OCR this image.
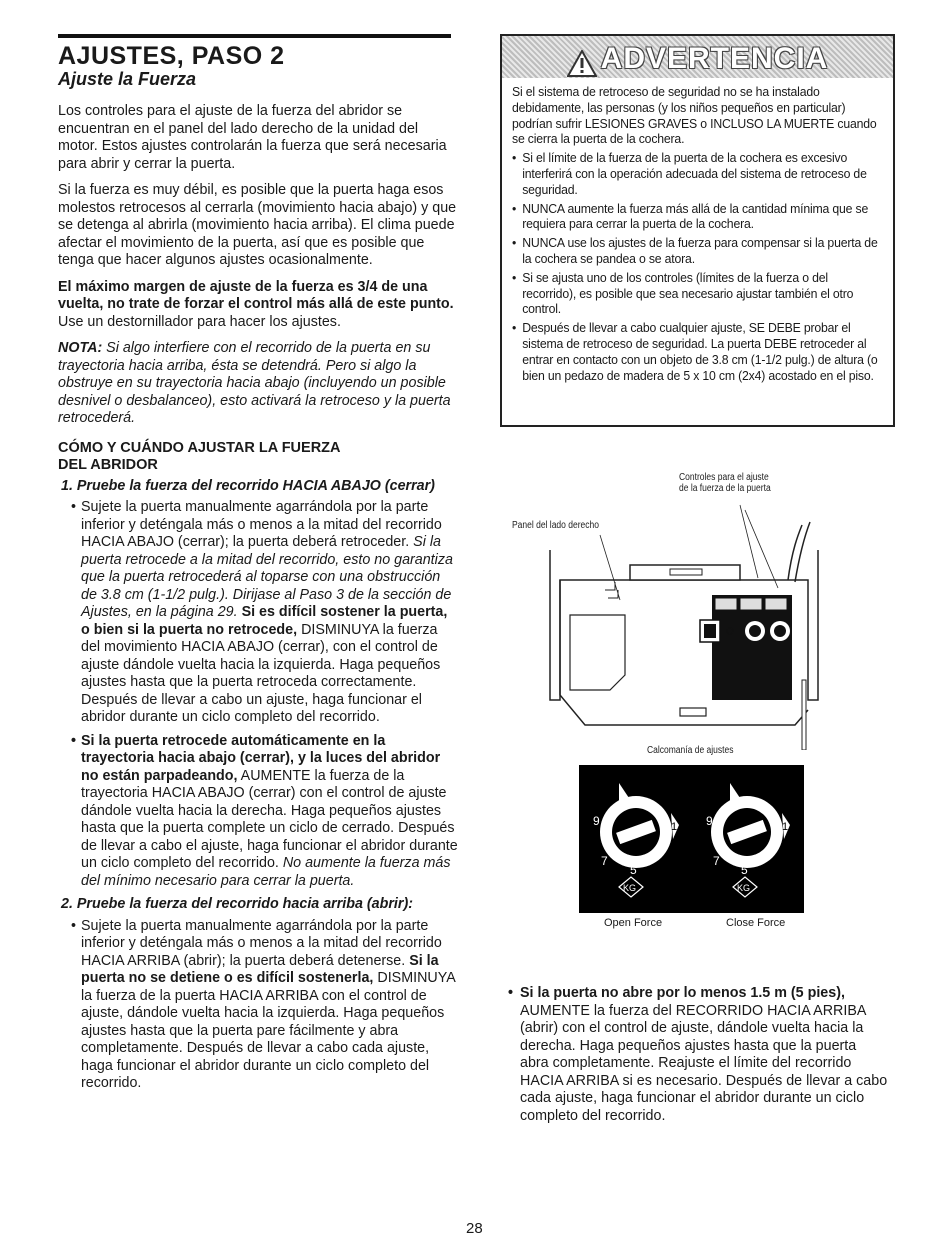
AJUSTES, PASO 2
Ajuste la Fuerza

Los controles para el ajuste de la fuerza del abridor se encuentran en el panel del lado derecho de la unidad del motor. Estos ajustes controlarán la fuerza que será necesaria para abrir y cerrar la puerta.

Si la fuerza es muy débil, es posible que la puerta haga esos molestos retrocesos al cerrarla (movimiento hacia abajo) y que se detenga al abrirla (movimiento hacia arriba). El clima puede afectar el movimiento de la puerta, así que es posible que tenga que hacer algunos ajustes ocasionalmente.

El máximo margen de ajuste de la fuerza es 3/4 de una vuelta, no trate de forzar el control más allá de este punto. Use un destornillador para hacer los ajustes.

NOTA: Si algo interfiere con el recorrido de la puerta en su trayectoria hacia arriba, ésta se detendrá. Pero si algo la obstruye en su trayectoria hacia abajo (incluyendo un posible desnivel o desbalanceo), esto activará la retroceso y la puerta retrocederá.

CÓMO Y CUÁNDO AJUSTAR LA FUERZA
DEL ABRIDOR
1. Pruebe la fuerza del recorrido HACIA ABAJO (cerrar)
• Sujete la puerta manualmente agarrándola por la parte inferior y deténgala más o menos a la mitad del recorrido HACIA ABAJO (cerrar); la puerta deberá retroceder. Si la puerta retrocede a la mitad del recorrido, esto no garantiza que la puerta retrocederá al toparse con una obstrucción de 3.8 cm (1-1/2 pulg.). Dirijase al Paso 3 de la sección de Ajustes, en la página 29. Si es difícil sostener la puerta, o bien si la puerta no retrocede, DISMINUYA la fuerza del movimiento HACIA ABAJO (cerrar), con el control de ajuste dándole vuelta hacia la izquierda. Haga pequeños ajustes hasta que la puerta retroceda correctamente. Después de llevar a cabo un ajuste, haga funcionar el abridor durante un ciclo completo del recorrido.
• Si la puerta retrocede automáticamente en la trayectoria hacia abajo (cerrar), y la luces del abridor no están parpadeando, AUMENTE la fuerza de la trayectoria HACIA ABAJO (cerrar) con el control de ajuste dándole vuelta hacia la derecha. Haga pequeños ajustes hasta que la puerta complete un ciclo de cerrado. Después de llevar a cabo el ajuste, haga funcionar el abridor durante un ciclo completo del recorrido. No aumente la fuerza más del mínimo necesario para cerrar la puerta.
2. Pruebe la fuerza del recorrido hacia arriba (abrir):
• Sujete la puerta manualmente agarrándola por la parte inferior y deténgala más o menos a la mitad del recorrido HACIA ARRIBA (abrir); la puerta deberá detenerse. Si la puerta no se detiene o es difícil sostenerla, DISMINUYA la fuerza de la puerta HACIA ARRIBA con el control de ajuste, dándole vuelta hacia la izquierda. Haga pequeños ajustes hasta que la puerta pare fácilmente y abra completamente. Después de llevar a cabo cada ajuste, haga funcionar el abridor durante un ciclo completo del recorrido.
ADVERTENCIA

Si el sistema de retroceso de seguridad no se ha instalado debidamente, las personas (y los niños pequeños en particular) podrían sufrir LESIONES GRAVES o INCLUSO LA MUERTE cuando se cierra la puerta de la cochera.

• Si el límite de la fuerza de la puerta de la cochera es excesivo interferirá con la operación adecuada del sistema de retroceso de seguridad.
• NUNCA aumente la fuerza más allá de la cantidad mínima que se requiera para cerrar la puerta de la cochera.
• NUNCA use los ajustes de la fuerza para compensar si la puerta de la cochera se pandea o se atora.
• Si se ajusta uno de los controles (límites de la fuerza o del recorrido), es posible que sea necesario ajustar también el otro control.
• Después de llevar a cabo cualquier ajuste, SE DEBE probar el sistema de retroceso de seguridad. La puerta DEBE retroceder al entrar en contacto con un objeto de 3.8 cm (1-1/2 pulg.) de altura (o bien un pedazo de madera de 5 x 10 cm (2x4) acostado en el piso.
Controles para el ajuste
de la fuerza de la puerta
Panel del lado derecho
Calcomanía de ajustes
9
7
5
1
KG
9
7
5
1
KG
Open Force	Close Force
• Si la puerta no abre por lo menos 1.5 m (5 pies), AUMENTE la fuerza del RECORRIDO HACIA ARRIBA (abrir) con el control de ajuste, dándole vuelta hacia la derecha. Haga pequeños ajustes hasta que la puerta abra completamente. Reajuste el límite del recorrido HACIA ARRIBA si es necesario. Después de llevar a cabo cada ajuste, haga funcionar el abridor durante un ciclo completo del recorrido.
28
